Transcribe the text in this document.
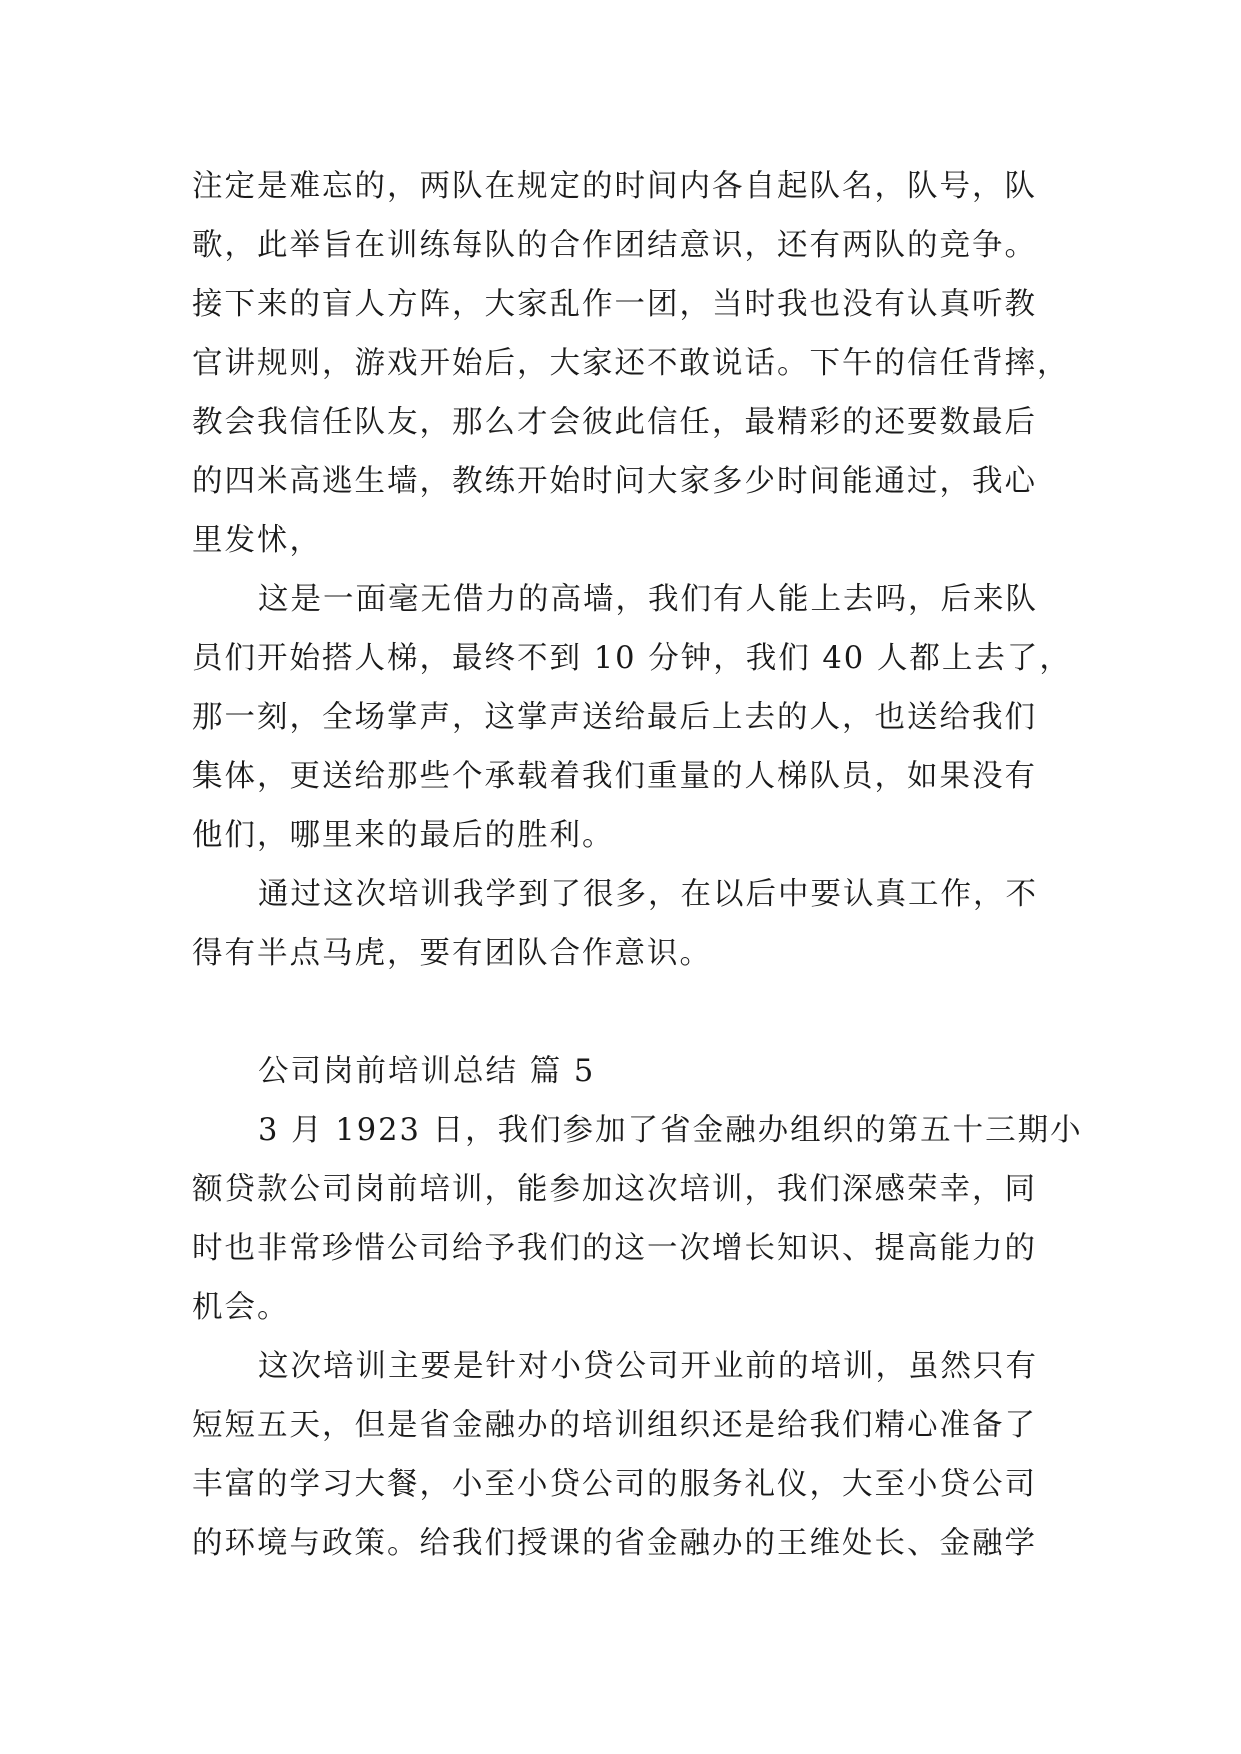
注定是难忘的，两队在规定的时间内各自起队名，队号，队
歌，此举旨在训练每队的合作团结意识，还有两队的竞争。
接下来的盲人方阵，大家乱作一团，当时我也没有认真听教
官讲规则，游戏开始后，大家还不敢说话。下午的信任背摔，
教会我信任队友，那么才会彼此信任，最精彩的还要数最后
的四米高逃生墙，教练开始时问大家多少时间能通过，我心
里发怵，
这是一面毫无借力的高墙，我们有人能上去吗，后来队
员们开始搭人梯，最终不到 10 分钟，我们 40 人都上去了，
那一刻，全场掌声，这掌声送给最后上去的人，也送给我们
集体，更送给那些个承载着我们重量的人梯队员，如果没有
他们，哪里来的最后的胜利。
通过这次培训我学到了很多，在以后中要认真工作，不
得有半点马虎，要有团队合作意识。
公司岗前培训总结 篇 5
3 月 1923 日，我们参加了省金融办组织的第五十三期小
额贷款公司岗前培训，能参加这次培训，我们深感荣幸，同
时也非常珍惜公司给予我们的这一次增长知识、提高能力的
机会。
这次培训主要是针对小贷公司开业前的培训，虽然只有
短短五天，但是省金融办的培训组织还是给我们精心准备了
丰富的学习大餐，小至小贷公司的服务礼仪，大至小贷公司
的环境与政策。给我们授课的省金融办的王维处长、金融学
